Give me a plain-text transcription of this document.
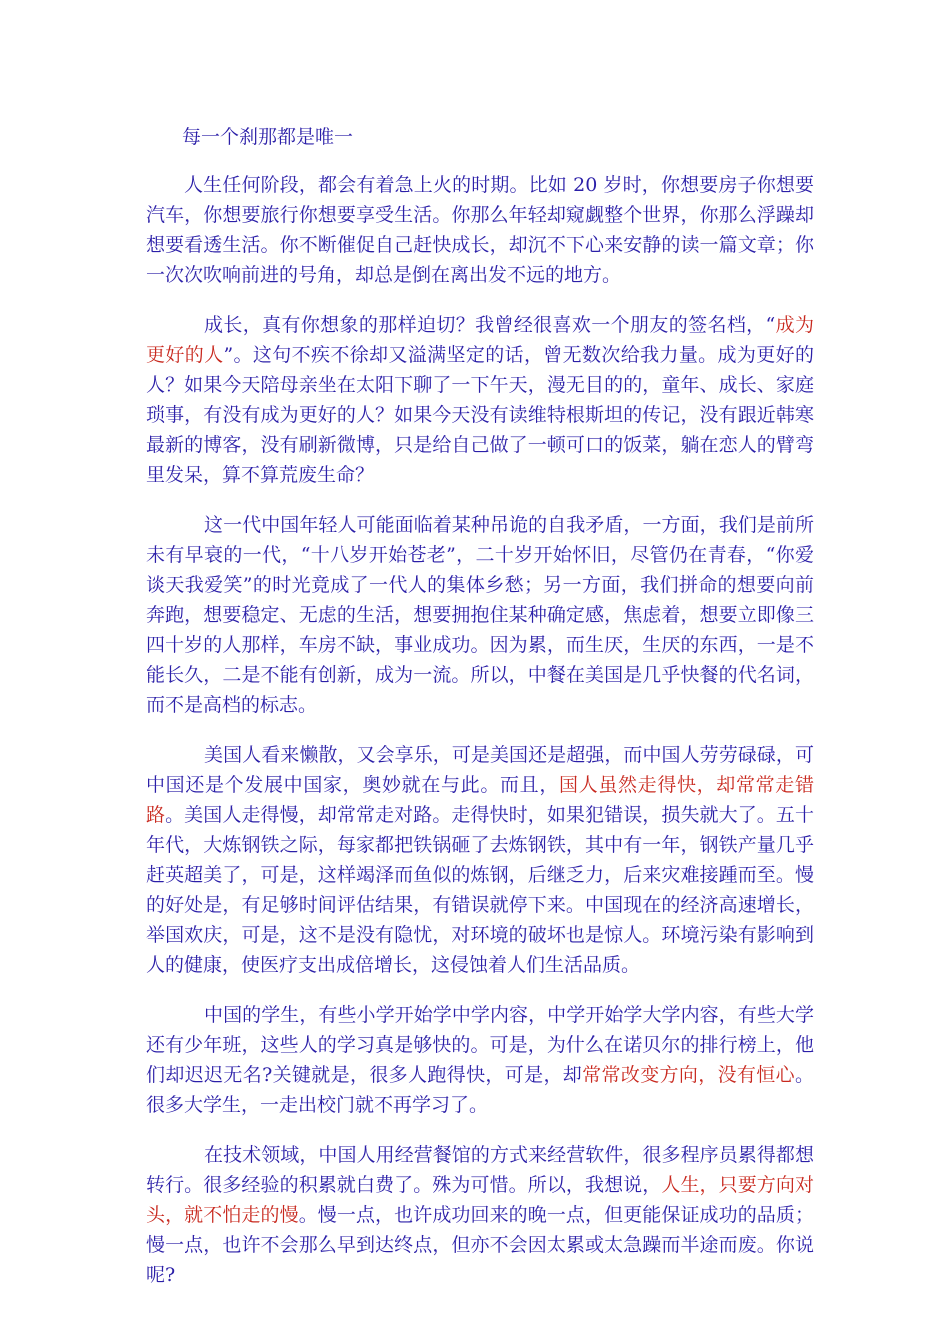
每一个刹那都是唯一

人生任何阶段，都会有着急上火的时期。比如 20 岁时，你想要房子你想要汽车，你想要旅行你想要享受生活。你那么年轻却窥觑整个世界，你那么浮躁却想要看透生活。你不断催促自己赶快成长，却沉不下心来安静的读一篇文章；你一次次吹响前进的号角，却总是倒在离出发不远的地方。

成长，真有你想象的那样迫切？我曾经很喜欢一个朋友的签名档，“成为更好的人”。这句不疾不徐却又溢满坚定的话，曾无数次给我力量。成为更好的人？如果今天陪母亲坐在太阳下聊了一下午天，漫无目的的，童年、成长、家庭琐事，有没有成为更好的人？如果今天没有读维特根斯坦的传记，没有跟近韩寒最新的博客，没有刷新微博，只是给自己做了一顿可口的饭菜，躺在恋人的臂弯里发呆，算不算荒废生命？

这一代中国年轻人可能面临着某种吊诡的自我矛盾，一方面，我们是前所未有早衰的一代，“十八岁开始苍老”，二十岁开始怀旧，尽管仍在青春，“你爱谈天我爱笑”的时光竟成了一代人的集体乡愁；另一方面，我们拼命的想要向前奔跑，想要稳定、无虑的生活，想要拥抱住某种确定感，焦虑着，想要立即像三四十岁的人那样，车房不缺，事业成功。因为累，而生厌，生厌的东西，一是不能长久，二是不能有创新，成为一流。所以，中餐在美国是几乎快餐的代名词，而不是高档的标志。

美国人看来懒散，又会享乐，可是美国还是超强，而中国人劳劳碌碌，可中国还是个发展中国家，奥妙就在与此。而且，国人虽然走得快，却常常走错路。美国人走得慢，却常常走对路。走得快时，如果犯错误，损失就大了。五十年代，大炼钢铁之际，每家都把铁锅砸了去炼钢铁，其中有一年，钢铁产量几乎赶英超美了，可是，这样竭泽而鱼似的炼钢，后继乏力，后来灾难接踵而至。慢的好处是，有足够时间评估结果，有错误就停下来。中国现在的经济高速增长，举国欢庆，可是，这不是没有隐忧，对环境的破坏也是惊人。环境污染有影响到人的健康，使医疗支出成倍增长，这侵蚀着人们生活品质。

中国的学生，有些小学开始学中学内容，中学开始学大学内容，有些大学还有少年班，这些人的学习真是够快的。可是，为什么在诺贝尔的排行榜上，他们却迟迟无名?关键就是，很多人跑得快，可是，却常常改变方向，没有恒心。很多大学生，一走出校门就不再学习了。

在技术领域，中国人用经营餐馆的方式来经营软件，很多程序员累得都想转行。很多经验的积累就白费了。殊为可惜。所以，我想说，人生，只要方向对头，就不怕走的慢。慢一点，也许成功回来的晚一点，但更能保证成功的品质；慢一点，也许不会那么早到达终点，但亦不会因太累或太急躁而半途而废。你说呢?
